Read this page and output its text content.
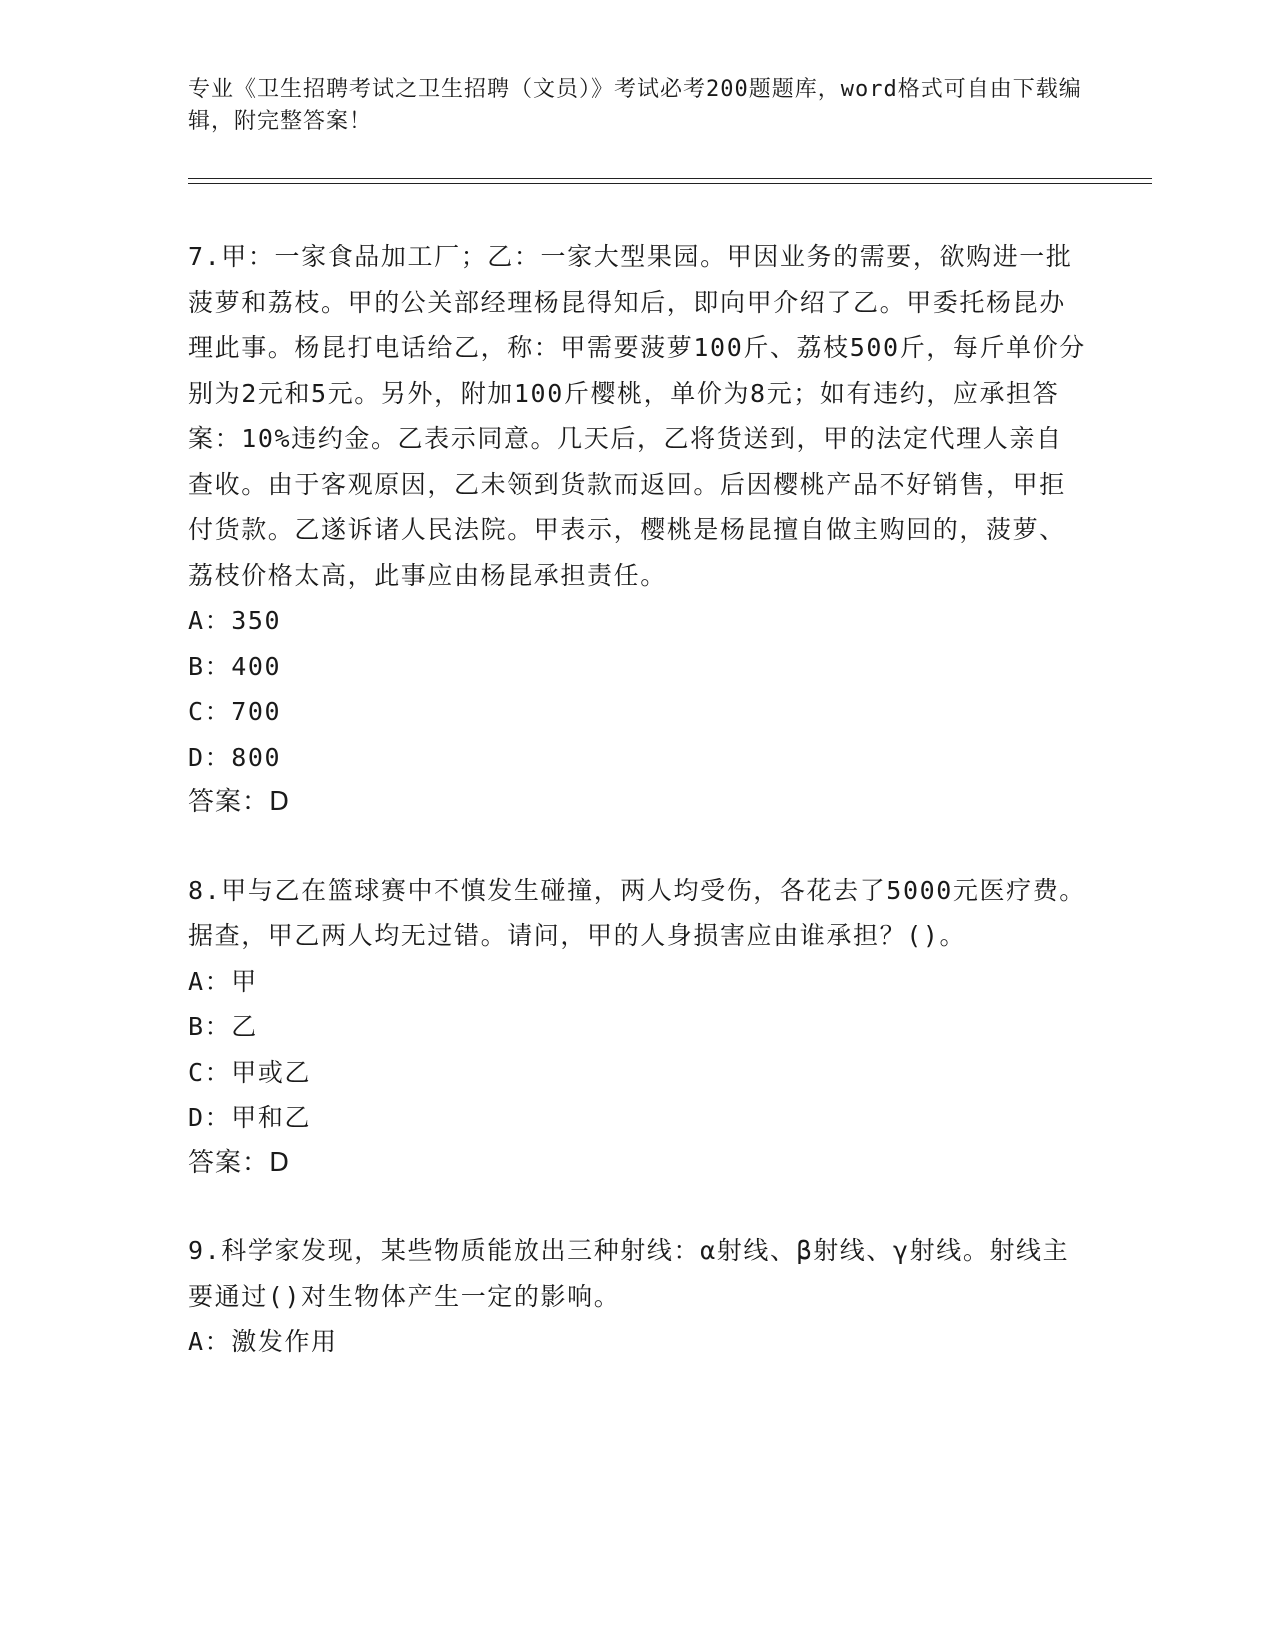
专业《卫生招聘考试之卫生招聘（文员）》考试必考200题题库，word格式可自由下载编辑，附完整答案！
7.甲：一家食品加工厂；乙：一家大型果园。甲因业务的需要，欲购进一批菠萝和荔枝。甲的公关部经理杨昆得知后，即向甲介绍了乙。甲委托杨昆办理此事。杨昆打电话给乙，称：甲需要菠萝100斤、荔枝500斤，每斤单价分别为2元和5元。另外，附加100斤樱桃，单价为8元；如有违约，应承担答案：10%违约金。乙表示同意。几天后，乙将货送到，甲的法定代理人亲自查收。由于客观原因，乙未领到货款而返回。后因樱桃产品不好销售，甲拒付货款。乙遂诉诸人民法院。甲表示，樱桃是杨昆擅自做主购回的，菠萝、荔枝价格太高，此事应由杨昆承担责任。
A：350
B：400
C：700
D：800
答案：D
8.甲与乙在篮球赛中不慎发生碰撞，两人均受伤，各花去了5000元医疗费。据查，甲乙两人均无过错。请问，甲的人身损害应由谁承担？()。
A：甲
B：乙
C：甲或乙
D：甲和乙
答案：D
9.科学家发现，某些物质能放出三种射线：α射线、β射线、γ射线。射线主要通过()对生物体产生一定的影响。
A：激发作用
